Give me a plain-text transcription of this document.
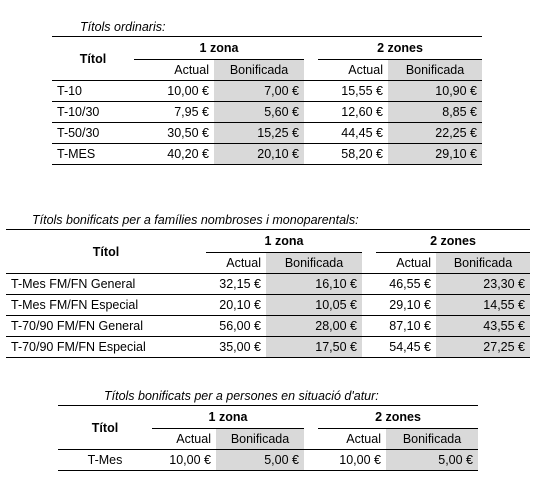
Títols ordinaris:
Títol	1 zona			2 zones	
	Actual	Bonificada		Actual	Bonificada
T-10	10,00 €	7,00 €		15,55 €	10,90 €
T-10/30	7,95 €	5,60 €		12,60 €	8,85 €
T-50/30	30,50 €	15,25 €		44,45 €	22,25 €
T-MES	40,20 €	20,10 €		58,20 €	29,10 €
Títols bonificats per a famílies nombroses i monoparentals:
Títol	1 zona			2 zones	
	Actual	Bonificada		Actual	Bonificada
T-Mes FM/FN General	32,15 €	16,10 €		46,55 €	23,30 €
T-Mes FM/FN Especial	20,10 €	10,05 €		29,10 €	14,55 €
T-70/90 FM/FN General	56,00 €	28,00 €		87,10 €	43,55 €
T-70/90 FM/FN Especial	35,00 €	17,50 €		54,45 €	27,25 €
Títols bonificats per a persones en situació d'atur:
Títol	1 zona			2 zones	
	Actual	Bonificada		Actual	Bonificada
T-Mes	10,00 €	5,00 €		10,00 €	5,00 €
